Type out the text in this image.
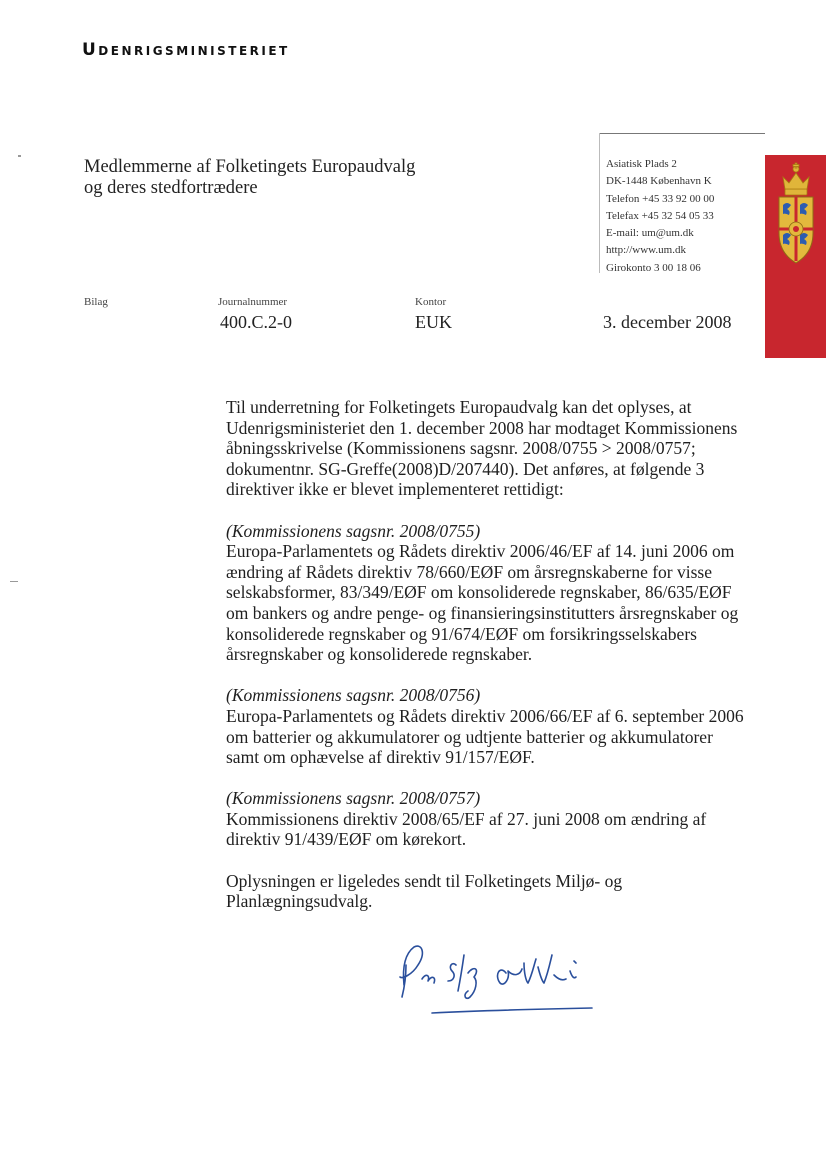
Udenrigsministeriet
Medlemmerne af Folketingets Europaudvalg
og deres stedfortrædere
Asiatisk Plads 2
DK-1448 København K
Telefon +45 33 92 00 00
Telefax +45 32 54 05 33
E-mail: um@um.dk
http://www.um.dk
Girokonto 3 00 18 06
Bilag	Journalnummer
400.C.2-0
Kontor
EUK	3. december 2008

Til underretning for Folketingets Europaudvalg kan det oplyses, at Udenrigsministeriet den 1. december 2008 har modtaget Kommissionens åbningsskrivelse (Kommissionens sagsnr. 2008/0755 > 2008/0757; dokumentnr. SG-Greffe(2008)D/207440). Det anføres, at følgende 3 direktiver ikke er blevet implementeret rettidigt:

(Kommissionens sagsnr. 2008/0755)
Europa-Parlamentets og Rådets direktiv 2006/46/EF af 14. juni 2006 om ændring af Rådets direktiv 78/660/EØF om årsregnskaberne for visse selskabsformer, 83/349/EØF om konsoliderede regnskaber, 86/635/EØF om bankers og andre penge- og finansieringsinstitutters årsregnskaber og konsoliderede regnskaber og 91/674/EØF om forsikringsselskabers årsregnskaber og konsoliderede regnskaber.

(Kommissionens sagsnr. 2008/0756)
Europa-Parlamentets og Rådets direktiv 2006/66/EF af 6. september 2006 om batterier og akkumulatorer og udtjente batterier og akkumulatorer samt om ophævelse af direktiv 91/157/EØF.

(Kommissionens sagsnr. 2008/0757)
Kommissionens direktiv 2008/65/EF af 27. juni 2008 om ændring af direktiv 91/439/EØF om kørekort.

Oplysningen er ligeledes sendt til Folketingets Miljø- og Planlægningsudvalg.
